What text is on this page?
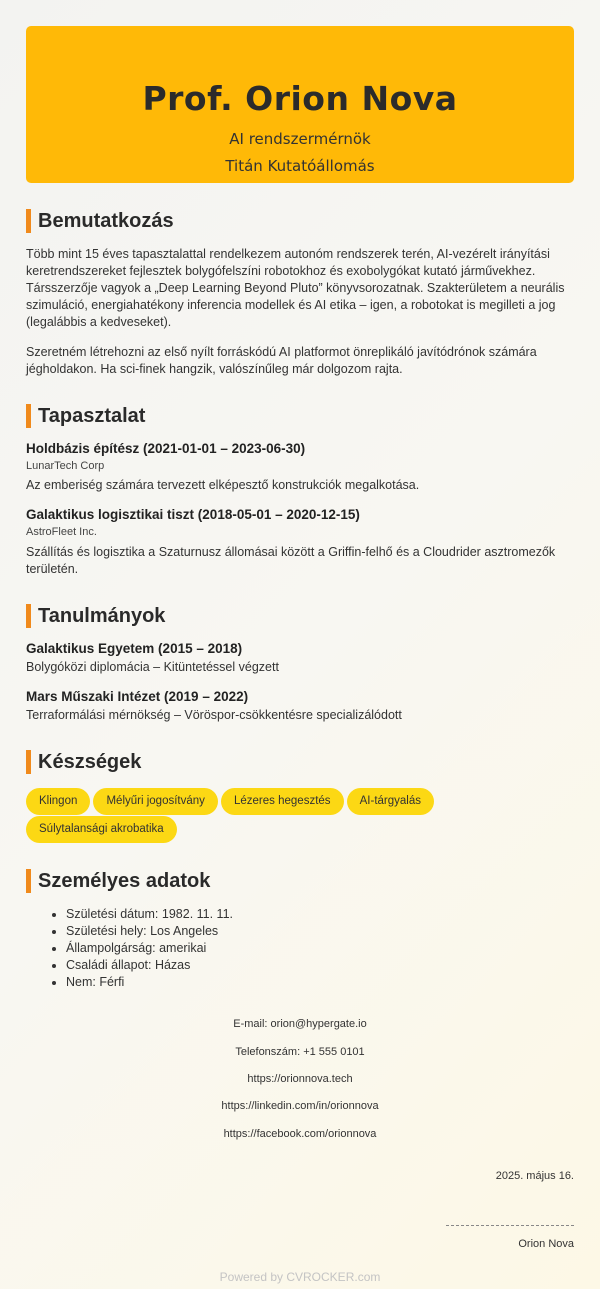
Prof. Orion Nova
AI rendszermérnök
Titán Kutatóállomás
Bemutatkozás
Több mint 15 éves tapasztalattal rendelkezem autonóm rendszerek terén, AI-vezérelt irányítási keretrendszereket fejlesztek bolygófelszíni robotokhoz és exobolygókat kutató járművekhez. Társszerzője vagyok a „Deep Learning Beyond Pluto” könyvsorozatnak. Szakterületem a neurális szimuláció, energiahatékony inferencia modellek és AI etika – igen, a robotokat is megilleti a jog (legalábbis a kedveseket).
Szeretném létrehozni az első nyílt forráskódú AI platformot önreplikáló javítódrónok számára jégholdakon. Ha sci-finek hangzik, valószínűleg már dolgozom rajta.
Tapasztalat
Holdbázis építész (2021-01-01 – 2023-06-30)
LunarTech Corp
Az emberiség számára tervezett elképesztő konstrukciók megalkotása.
Galaktikus logisztikai tiszt (2018-05-01 – 2020-12-15)
AstroFleet Inc.
Szállítás és logisztika a Szaturnusz állomásai között a Griffin-felhő és a Cloudrider asztromezők területén.
Tanulmányok
Galaktikus Egyetem (2015 – 2018)
Bolygóközi diplomácia – Kitüntetéssel végzett
Mars Műszaki Intézet (2019 – 2022)
Terraformálási mérnökség – Vöröspor-csökkentésre specializálódott
Készségek
Klingon	Mélyűri jogosítvány	Lézeres hegesztés	AI-tárgyalás Súlytalansági akrobatika
Személyes adatok
• Születési dátum: 1982. 11. 11.
• Születési hely: Los Angeles
• Állampolgárság: amerikai
• Családi állapot: Házas
• Nem: Férfi
E-mail: orion@hypergate.io
Telefonszám: +1 555 0101
https://orionnova.tech
https://linkedin.com/in/orionnova
https://facebook.com/orionnova
2025. május 16.
Orion Nova
Powered by CVROCKER.com
